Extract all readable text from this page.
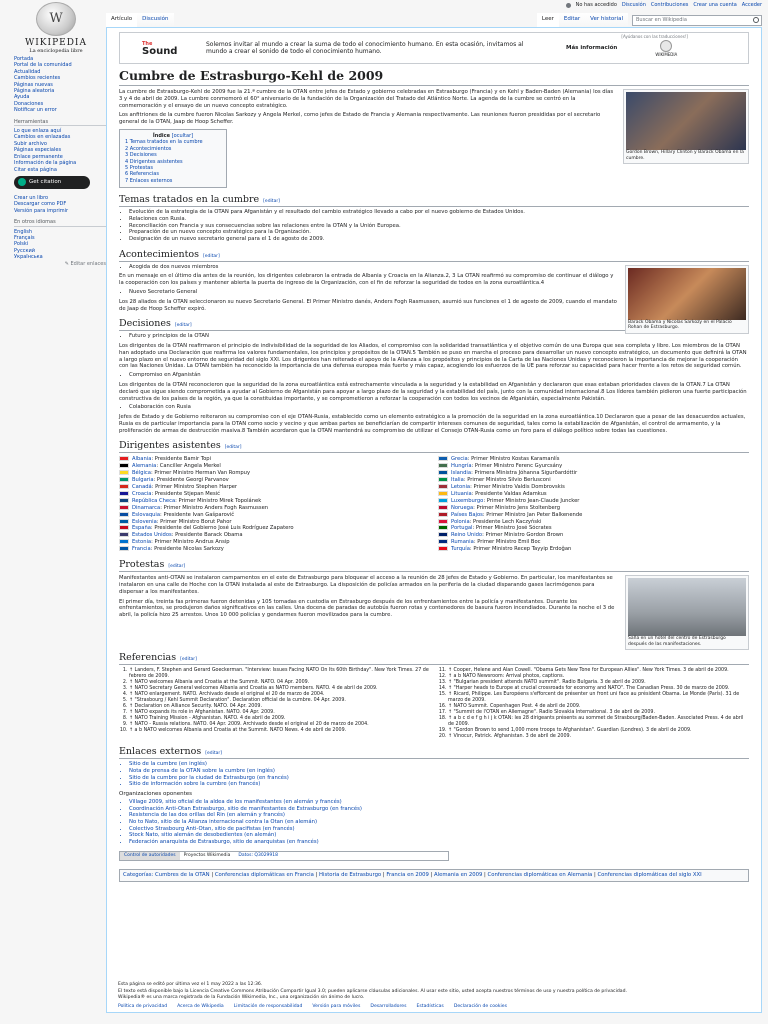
W
WIKIPEDIA
La enciclopedia libre
No has accedido Discusión Contribuciones Crear una cuenta Acceder
Artículo	Discusión	Leer	Editar	Ver historial	Buscar en Wikipedia
Portada
Portal de la comunidad
Actualidad
Cambios recientes
Páginas nuevas
Página aleatoria
Ayuda
Donaciones
Notificar un error
Herramientas
Lo que enlaza aquí
Cambios en enlazadas
Subir archivo
Páginas especiales
Enlace permanente
Información de la página
Citar esta página
Get citation
Crear un libro
Descargar como PDF
Versión para imprimir
En otros idiomas
English
Français
Polski
Русский
Українська
✎ Editar enlaces
[Ayúdanos con las traducciones!]
The
Sound
Solemos invitar al mundo a crear la suma de todo el conocimiento humano. En esta ocasión, invitamos al mundo a crear el sonido de todo el conocimiento humano.	Más información
WIKIMEDIA
Cumbre de Estrasburgo-Kehl de 2009
Gordon Brown, Hillary Clinton y Barack Obama en la cumbre.

La cumbre de Estrasburgo-Kehl de 2009 fue la 21.ª cumbre de la OTAN entre jefes de Estado y gobierno celebradas en Estrasburgo (Francia) y en Kehl y Baden-Baden (Alemania) los días 3 y 4 de abril de 2009. La cumbre conmemoró el 60° aniversario de la fundación de la Organización del Tratado del Atlántico Norte. La agenda de la cumbre se centró en la conmemoración y el ensayo de un nuevo concepto estratégico.

Los anfitriones de la cumbre fueron Nicolas Sarkozy y Angela Merkel, como jefes de Estado de Francia y Alemania respectivamente. Las reuniones fueron presididas por el secretario general de la OTAN, Jaap de Hoop Scheffer.

Índice [ocultar]
1 Temas tratados en la cumbre
2 Acontecimientos
3 Decisiones
4 Dirigentes asistentes
5 Protestas
6 Referencias
7 Enlaces externos
Temas tratados en la cumbre [editar]
• Evolución de la estrategia de la OTAN para Afganistán y el resultado del cambio estratégico llevado a cabo por el nuevo gobierno de Estados Unidos.
• Relaciones con Rusia.
• Reconciliación con Francia y sus consecuencias sobre las relaciones entre la OTAN y la Unión Europea.
• Preparación de un nuevo concepto estratégico para la Organización.
• Designación de un nuevo secretario general para el 1 de agosto de 2009.
Acontecimientos [editar]
Barack Obama y Nicolas Sarkozy en el Palacio Rohan de Estrasburgo.
• Acogida de dos nuevos miembros

En un mensaje en el último día antes de la reunión, los dirigentes celebraron la entrada de Albania y Croacia en la Alianza.2, 3 La OTAN reafirmó su compromiso de continuar el diálogo y la cooperación con los países y mantener abierta la puerta de ingreso de la Organización, con el fin de reforzar la seguridad de todos en la zona euroatlántica.4

• Nuevo Secretario General

Los 28 aliados de la OTAN seleccionaron su nuevo Secretario General. El Primer Ministro danés, Anders Fogh Rasmussen, asumió sus funciones el 1 de agosto de 2009, cuando el mandato de Jaap de Hoop Scheffer expiró.

Decisiones [editar]
• Futuro y principios de la OTAN

Los dirigentes de la OTAN reafirmaron el principio de indivisibilidad de la seguridad de los Aliados, el compromiso con la solidaridad transatlántica y el objetivo común de una Europa que sea completa y libre. Los miembros de la OTAN han adoptado una Declaración que reafirma los valores fundamentales, los principios y propósitos de la OTAN.5 También se puso en marcha el proceso para desarrollar un nuevo concepto estratégico, un documento que definirá la OTAN a largo plazo en el nuevo entorno de seguridad del siglo XXI. Los dirigentes han reiterado el apoyo de la Alianza a los propósitos y principios de la Carta de las Naciones Unidas y reconocieron la importancia de mejorar la cooperación con las Naciones Unidas. La OTAN también ha reconocido la importancia de una defensa europea más fuerte y más capaz, acogiendo los esfuerzos de la UE para reforzar su capacidad para hacer frente a los retos de seguridad común.

• Compromiso en Afganistán

Los dirigentes de la OTAN reconocieron que la seguridad de la zona euroatlántica está estrechamente vinculada a la seguridad y la estabilidad en Afganistán y declararon que esas estaban prioridades claves de la OTAN.7 La OTAN declaró que sigue siendo comprometida a ayudar al Gobierno de Afganistán para apoyar a largo plazo de la seguridad y la estabilidad del país, junto con la comunidad internacional.8 Los líderes también pidieron una fuerte participación constructiva de los países de la región, ya que la constituidas importante, y se comprometieron a reforzar la cooperación con todos los vecinos de Afganistán, especialmente Pakistán.

• Colaboración con Rusia

Jefes de Estado y de Gobierno reiteraron su compromiso con el eje OTAN-Rusia, establecido como un elemento estratégico a la promoción de la seguridad en la zona euroatlántica.10 Declararon que a pesar de las desacuerdos actuales, Rusia es de particular importancia para la OTAN como socio y vecino y que ambas partes se beneficiarían de compartir intereses comunes de seguridad, tales como la estabilización de Afganistán, el control de armamento, y la proliferación de armas de destrucción masiva.8 También acordaron que la OTAN mantendrá su compromiso de utilizar el Consejo OTAN-Rusia como un foro para el diálogo político sobre todas las cuestiones.

Dirigentes asistentes [editar]
Albania: Presidente Bamir Topi
Alemania: Canciller Angela Merkel
Bélgica: Primer Ministro Herman Van Rompuy
Bulgaria: Presidente Georgi Parvanov
Canadá: Primer Ministro Stephen Harper
Croacia: Presidente Stjepan Mesić
República Checa: Primer Ministro Mirek Topolánek
Dinamarca: Primer Ministro Anders Fogh Rasmussen
Eslovaquia: Presidente Ivan Gašparovič
Eslovenia: Primer Ministro Borut Pahor
España: Presidente del Gobierno José Luis Rodríguez Zapatero
Estados Unidos: Presidente Barack Obama
Estonia: Primer Ministro Andrus Ansip
Francia: Presidente Nicolas Sarkozy
Grecia: Primer Ministro Kostas Karamanlís
Hungría: Primer Ministro Ferenc Gyurcsány
Islandia: Primera Ministra Jóhanna Sigurðardóttir
Italia: Primer Ministro Silvio Berlusconi
Letonia: Primer Ministro Valdis Dombrovskis
Lituania: Presidente Valdas Adamkus
Luxemburgo: Primer Ministro Jean-Claude Juncker
Noruega: Primer Ministro Jens Stoltenberg
Países Bajos: Primer Ministro Jan Peter Balkenende
Polonia: Presidente Lech Kaczyński
Portugal: Primer Ministro José Sócrates
Reino Unido: Primer Ministro Gordon Brown
Rumania: Primer Ministro Emil Boc
Turquía: Primer Ministro Recep Tayyip Erdoğan
Protestas [editar]
Saña en un hotel del centro de Estrasburgo después de las manifestaciones.

Manifestantes anti-OTAN se instalaron campamentos en el este de Estrasburgo para bloquear el acceso a la reunión de 28 jefes de Estado y Gobierno. En particular, los manifestantes se instalaron en una calle de Hoche con la OTAN instalada al este de Estrasburgo. La disposición de policías armados en la periferia de la ciudad disparando gases lacrimógenos para dispersar a los manifestantes.

El primer día, treinta fas primeras fueron detenidas y 105 tomadas en custodia en Estrasburgo después de los enfrentamientos entre la policía y manifestantes. Durante los enfrentamientos, se produjeron daños significativos en las calles. Una docena de paradas de autobús fueron rotas y contenedores de basura fueron incendiados. Durante la noche el 3 de abril, la policía hizo 25 arrestos. Unos 10 000 policías y gendarmes fueron movilizados para la cumbre.

Referencias [editar]
1. ↑ Landers, F. Stephen and Gerard Goeckerman. "Interview: Issues Facing NATO On Its 60th Birthday". New York Times. 27 de febrero de 2009.
2. ↑ NATO welcomes Albania and Croatia at the Summit. NATO. 04 Apr. 2009.
3. ↑ NATO Secretary General welcomes Albania and Croatia as NATO members. NATO. 4 de abril de 2009.
4. ↑ NATO enlargement. NATO. Archivado desde el original el 20 de marzo de 2004.
5. ↑ "Strasbourg / Kehl Summit Declaration". Declaration official de la cumbre. 04 Apr. 2009.
6. ↑ Declaration on Alliance Security. NATO. 04 Apr. 2009.
7. ↑ NATO expands its role in Afghanistan. NATO. 04 Apr. 2009.
8. ↑ NATO Training Mission - Afghanistan. NATO. 4 de abril de 2009.
9. ↑ NATO - Russia relations. NATO. 04 Apr. 2009. Archivado desde el original el 20 de marzo de 2004.
10. ↑ a b NATO welcomes Albania and Croatia at the Summit. NATO News. 4 de abril de 2009.
11. ↑ Cooper, Helene and Alan Cowell. "Obama Gets New Tone for European Allies". New York Times. 3 de abril de 2009.
12. ↑ a b NATO Newsroom: Arrival photos, captions.
13. ↑ "Bulgarian president attends NATO summit". Radio Bulgaria. 3 de abril de 2009.
14. ↑ "Harper heads to Europe at crucial crossroads for economy and NATO". The Canadian Press. 30 de marzo de 2009.
15. ↑ Ricard, Philippe. Les Européens s'efforcent de présenter un front uni face au président Obama. Le Monde (París). 31 de marzo de 2009.
16. ↑ NATO Summit. Copenhagen Post. 4 de abril de 2009.
17. ↑ "Summit de l'OTAN en Allemagne". Radio Slovakia International. 3 de abril de 2009.
18. ↑ a b c d e f g h i j k OTAN: les 28 dirigeants présents au sommet de Strasbourg/Baden-Baden. Associated Press. 4 de abril de 2009.
19. ↑ "Gordon Brown to send 1,000 more troops to Afghanistan". Guardian (Londres). 3 de abril de 2009.
20. ↑ Vinocur, Patrick. Afghanistan. 3 de abril de 2009.
Enlaces externos [editar]
• Sitio de la cumbre (en inglés)
• Nota de prensa de la OTAN sobre la cumbre (en inglés)
• Sitio de la cumbre por la ciudad de Estrasburgo (en francés)
• Sitio de información sobre la cumbre (en francés)
Organizaciones oponentes
• Village 2009, sitio oficial de la aldea de los manifestantes (en alemán y francés)
• Coordinación Anti-Otan Estrasburgo, sitio de manifestantes de Estrasburgo (en francés)
• Resistencia de las dos orillas del Rin (en alemán y francés)
• No to Nato, sitio de la Alianza internacional contra la Otan (en alemán)
• Colectivo Strasbourg Anti-Otan, sitio de pacifistas (en francés)
• Stock Nato, sitio alemán de desobedientes (en alemán)
• Federación anarquista de Estrasburgo, sitio de anarquistas (en francés)
Control de autoridades	Proyectos Wikimedia	Datos: Q3029918
Categorías: Cumbres de la OTAN | Conferencias diplomáticas en Francia | Historia de Estrasburgo | Francia en 2009 | Alemania en 2009 | Conferencias diplomáticas en Alemania | Conferencias diplomáticas del siglo XXI
Esta página se editó por última vez el 1 may 2022 a las 12:36.
El texto está disponible bajo la Licencia Creative Commons Atribución Compartir Igual 3.0; pueden aplicarse cláusulas adicionales. Al usar este sitio, usted acepta nuestros términos de uso y nuestra política de privacidad.
Wikipedia® es una marca registrada de la Fundación Wikimedia, Inc., una organización sin ánimo de lucro.
Política de privacidad Acerca de Wikipedia Limitación de responsabilidad Versión para móviles Desarrolladores Estadísticas Declaración de cookies
